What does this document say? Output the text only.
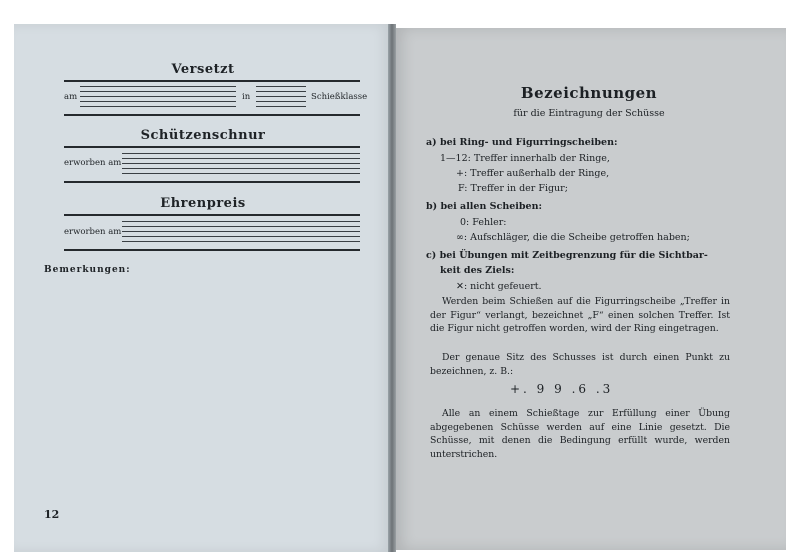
Versetzt
am	in	Schießklasse
Schützenschnur
erworben am
Ehrenpreis
erworben am
Bemerkungen:
12
Bezeichnungen
für die Eintragung der Schüsse
a) bei Ring- und Figurringscheiben:
1—12: Treffer innerhalb der Ringe,
+: Treffer außerhalb der Ringe,
F: Treffer in der Figur;
b) bei allen Scheiben:
0: Fehler:
∞: Aufschläger, die die Scheibe getroffen haben;
c) bei Übungen mit Zeitbegrenzung für die Sichtbar-
keit des Ziels:
✕: nicht gefeuert.
Werden beim Schießen auf die Figurringscheibe „Treffer in der Figur“ verlangt, bezeichnet „F“ einen solchen Treffer. Ist die Figur nicht getroffen worden, wird der Ring eingetragen.
Der genaue Sitz des Schusses ist durch einen Punkt zu bezeichnen, z. B.:
+. 9 9 .6 .3
Alle an einem Schießtage zur Erfüllung einer Übung abgegebenen Schüsse werden auf eine Linie gesetzt. Die Schüsse, mit denen die Bedingung erfüllt wurde, werden unterstrichen.
